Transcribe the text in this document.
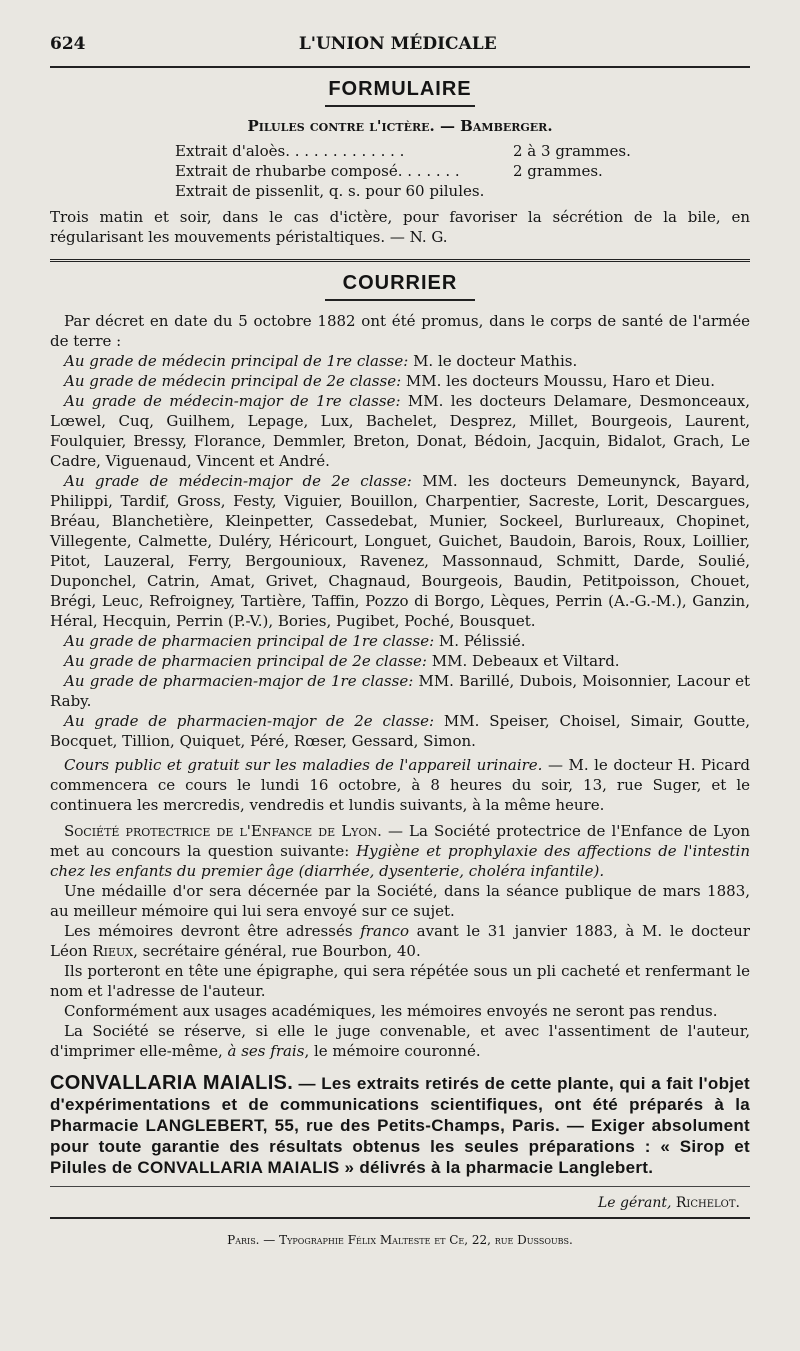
624	L'UNION MÉDICALE
FORMULAIRE
Pilules contre l'ictère. — Bamberger.
Extrait d'aloès. . . . . . . . . . . . .	2 à 3 grammes.
Extrait de rhubarbe composé. . . . . . .	2 grammes.
Extrait de pissenlit, q. s. pour 60 pilules.

Trois matin et soir, dans le cas d'ictère, pour favoriser la sécrétion de la bile, en régularisant les mouvements péristaltiques. — N. G.

COURRIER

Par décret en date du 5 octobre 1882 ont été promus, dans le corps de santé de l'armée de terre :

Au grade de médecin principal de 1re classe: M. le docteur Mathis.

Au grade de médecin principal de 2e classe: MM. les docteurs Moussu, Haro et Dieu.

Au grade de médecin-major de 1re classe: MM. les docteurs Delamare, Desmonceaux, Lœwel, Cuq, Guilhem, Lepage, Lux, Bachelet, Desprez, Millet, Bourgeois, Laurent, Foulquier, Bressy, Florance, Demmler, Breton, Donat, Bédoin, Jacquin, Bidalot, Grach, Le Cadre, Viguenaud, Vincent et André.

Au grade de médecin-major de 2e classe: MM. les docteurs Demeunynck, Bayard, Philippi, Tardif, Gross, Festy, Viguier, Bouillon, Charpentier, Sacreste, Lorit, Descargues, Bréau, Blanchetière, Kleinpetter, Cassedebat, Munier, Sockeel, Burlureaux, Chopinet, Villegente, Calmette, Duléry, Héricourt, Longuet, Guichet, Baudoin, Barois, Roux, Loillier, Pitot, Lauzeral, Ferry, Bergounioux, Ravenez, Massonnaud, Schmitt, Darde, Soulié, Duponchel, Catrin, Amat, Grivet, Chagnaud, Bourgeois, Baudin, Petitpoisson, Chouet, Brégi, Leuc, Refroigney, Tartière, Taffin, Pozzo di Borgo, Lèques, Perrin (A.-G.-M.), Ganzin, Héral, Hecquin, Perrin (P.-V.), Bories, Pugibet, Poché, Bousquet.

Au grade de pharmacien principal de 1re classe: M. Pélissié.

Au grade de pharmacien principal de 2e classe: MM. Debeaux et Viltard.

Au grade de pharmacien-major de 1re classe: MM. Barillé, Dubois, Moisonnier, Lacour et Raby.

Au grade de pharmacien-major de 2e classe: MM. Speiser, Choisel, Simair, Goutte, Bocquet, Tillion, Quiquet, Péré, Rœser, Gessard, Simon.

Cours public et gratuit sur les maladies de l'appareil urinaire. — M. le docteur H. Picard commencera ce cours le lundi 16 octobre, à 8 heures du soir, 13, rue Suger, et le continuera les mercredis, vendredis et lundis suivants, à la même heure.

Société protectrice de l'Enfance de Lyon. — La Société protectrice de l'Enfance de Lyon met au concours la question suivante: Hygiène et prophylaxie des affections de l'intestin chez les enfants du premier âge (diarrhée, dysenterie, choléra infantile).

Une médaille d'or sera décernée par la Société, dans la séance publique de mars 1883, au meilleur mémoire qui lui sera envoyé sur ce sujet.

Les mémoires devront être adressés franco avant le 31 janvier 1883, à M. le docteur Léon Rieux, secrétaire général, rue Bourbon, 40.

Ils porteront en tête une épigraphe, qui sera répétée sous un pli cacheté et renfermant le nom et l'adresse de l'auteur.

Conformément aux usages académiques, les mémoires envoyés ne seront pas rendus.

La Société se réserve, si elle le juge convenable, et avec l'assentiment de l'auteur, d'imprimer elle-même, à ses frais, le mémoire couronné.

CONVALLARIA MAIALIS. — Les extraits retirés de cette plante, qui a fait l'objet d'expérimentations et de communications scientifiques, ont été préparés à la Pharmacie LANGLEBERT, 55, rue des Petits-Champs, Paris. — Exiger absolument pour toute garantie des résultats obtenus les seules préparations : « Sirop et Pilules de CONVALLARIA MAIALIS » délivrés à la pharmacie Langlebert.
Le gérant, Richelot.
Paris. — Typographie Félix Malteste et Ce, 22, rue Dussoubs.
